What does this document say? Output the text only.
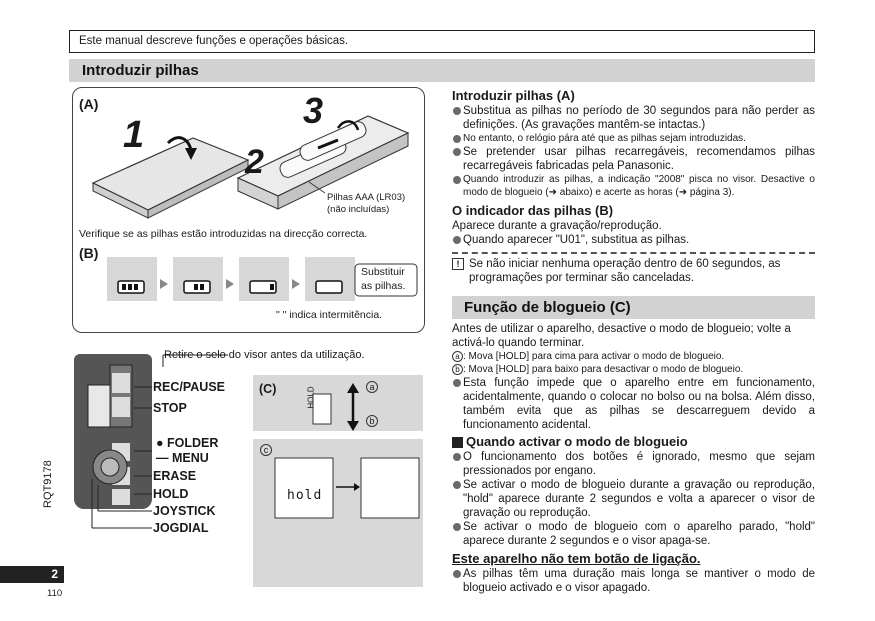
Este manual descreve funções e operações básicas.
Introduzir pilhas
(A)
1
2
3
Pilhas AAA (LR03)
(não incluídas)
Verifique se as pilhas estão introduzidas na direcção correcta.
(B)
Substituir
as pilhas.
" " indica intermitência.
Introduzir pilhas (A)

Substitua as pilhas no período de 30 segundos para não perder as definições. (As gravações mantêm-se intactas.)

No entanto, o relógio pára até que as pilhas sejam introduzidas.

Se pretender usar pilhas recarregáveis, recomendamos pilhas recarregáveis fabricadas pela Panasonic.

Quando introduzir as pilhas, a indicação "2008" pisca no visor. Desactive o modo de blogueio (➜ abaixo) e acerte as horas (➜ página 3).

O indicador das pilhas (B)

Aparece durante a gravação/reprodução.

Quando aparecer "U01", substitua as pilhas.

! Se não iniciar nenhuma operação dentro de 60 segundos, as programações por terminar são canceladas.

Função de blogueio (C)

Antes de utilizar o aparelho, desactive o modo de blogueio; volte a activá-lo quando terminar.

a : Mova [HOLD] para cima para activar o modo de blogueio.

b : Mova [HOLD] para baixo para desactivar o modo de blogueio.

Esta função impede que o aparelho entre em funcionamento, acidentalmente, quando o colocar no bolso ou na bolsa. Além disso, também evita que as pilhas se descarreguem devido a funcionamento acidental.

Quando activar o modo de blogueio

O funcionamento dos botões é ignorado, mesmo que sejam pressionados por engano.

Se activar o modo de blogueio durante a gravação ou reprodução, "hold" aparece durante 2 segundos e volta a aparecer o visor de gravação ou reprodução.

Se activar o modo de blogueio com o aparelho parado, "hold" aparece durante 2 segundos e o visor apaga-se.

Este aparelho não tem botão de ligação.

As pilhas têm uma duração mais longa se mantiver o modo de blogueio activado e o visor apagado.

Retire o selo do visor antes da utilização.
REC/PAUSE
STOP
● FOLDER
— MENU
ERASE
HOLD
JOYSTICK
JOGDIAL
(C)	HOLD	a
b
c
hold
RQT9178
2
110
